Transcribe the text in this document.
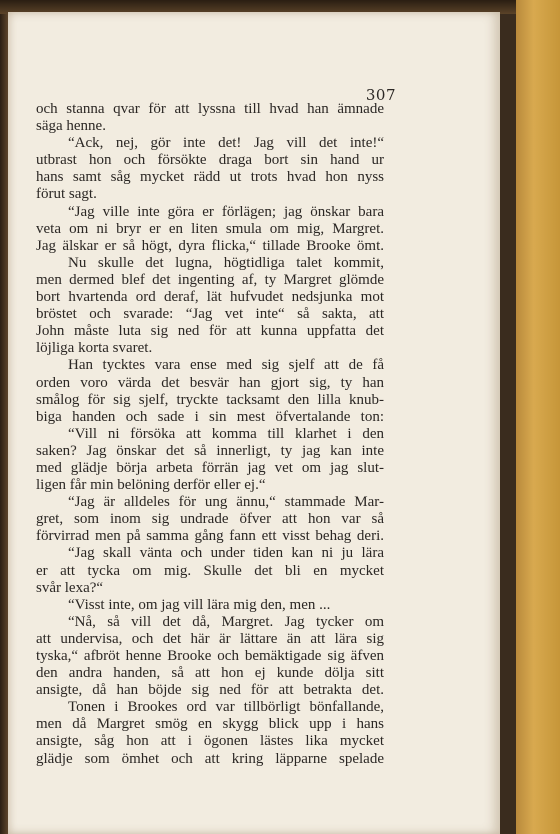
307
och stanna qvar för att lyssna till hvad han ämnade
säga henne.
“Ack, nej, gör inte det! Jag vill det inte!“
utbrast hon och försökte draga bort sin hand ur
hans samt såg mycket rädd ut trots hvad hon nyss
förut sagt.
“Jag ville inte göra er förlägen; jag önskar bara
veta om ni bryr er en liten smula om mig, Margret.
Jag älskar er så högt, dyra flicka,“ tillade Brooke ömt.
Nu skulle det lugna, högtidliga talet kommit,
men dermed blef det ingenting af, ty Margret glömde
bort hvartenda ord deraf, lät hufvudet nedsjunka mot
bröstet och svarade: “Jag vet inte“ så sakta, att
John måste luta sig ned för att kunna uppfatta det
löjliga korta svaret.
Han tycktes vara ense med sig sjelf att de få
orden voro värda det besvär han gjort sig, ty han
smålog för sig sjelf, tryckte tacksamt den lilla knub-
biga handen och sade i sin mest öfvertalande ton:
“Vill ni försöka att komma till klarhet i den
saken? Jag önskar det så innerligt, ty jag kan inte
med glädje börja arbeta förrän jag vet om jag slut-
ligen får min belöning derför eller ej.“
“Jag är alldeles för ung ännu,“ stammade Mar-
gret, som inom sig undrade öfver att hon var så
förvirrad men på samma gång fann ett visst behag deri.
“Jag skall vänta och under tiden kan ni ju lära
er att tycka om mig. Skulle det bli en mycket
svår lexa?“
“Visst inte, om jag vill lära mig den, men ...
“Nå, så vill det då, Margret. Jag tycker om
att undervisa, och det här är lättare än att lära sig
tyska,“ afbröt henne Brooke och bemäktigade sig äfven
den andra handen, så att hon ej kunde dölja sitt
ansigte, då han böjde sig ned för att betrakta det.
Tonen i Brookes ord var tillbörligt bönfallande,
men då Margret smög en skygg blick upp i hans
ansigte, såg hon att i ögonen lästes lika mycket
glädje som ömhet och att kring läpparne spelade
